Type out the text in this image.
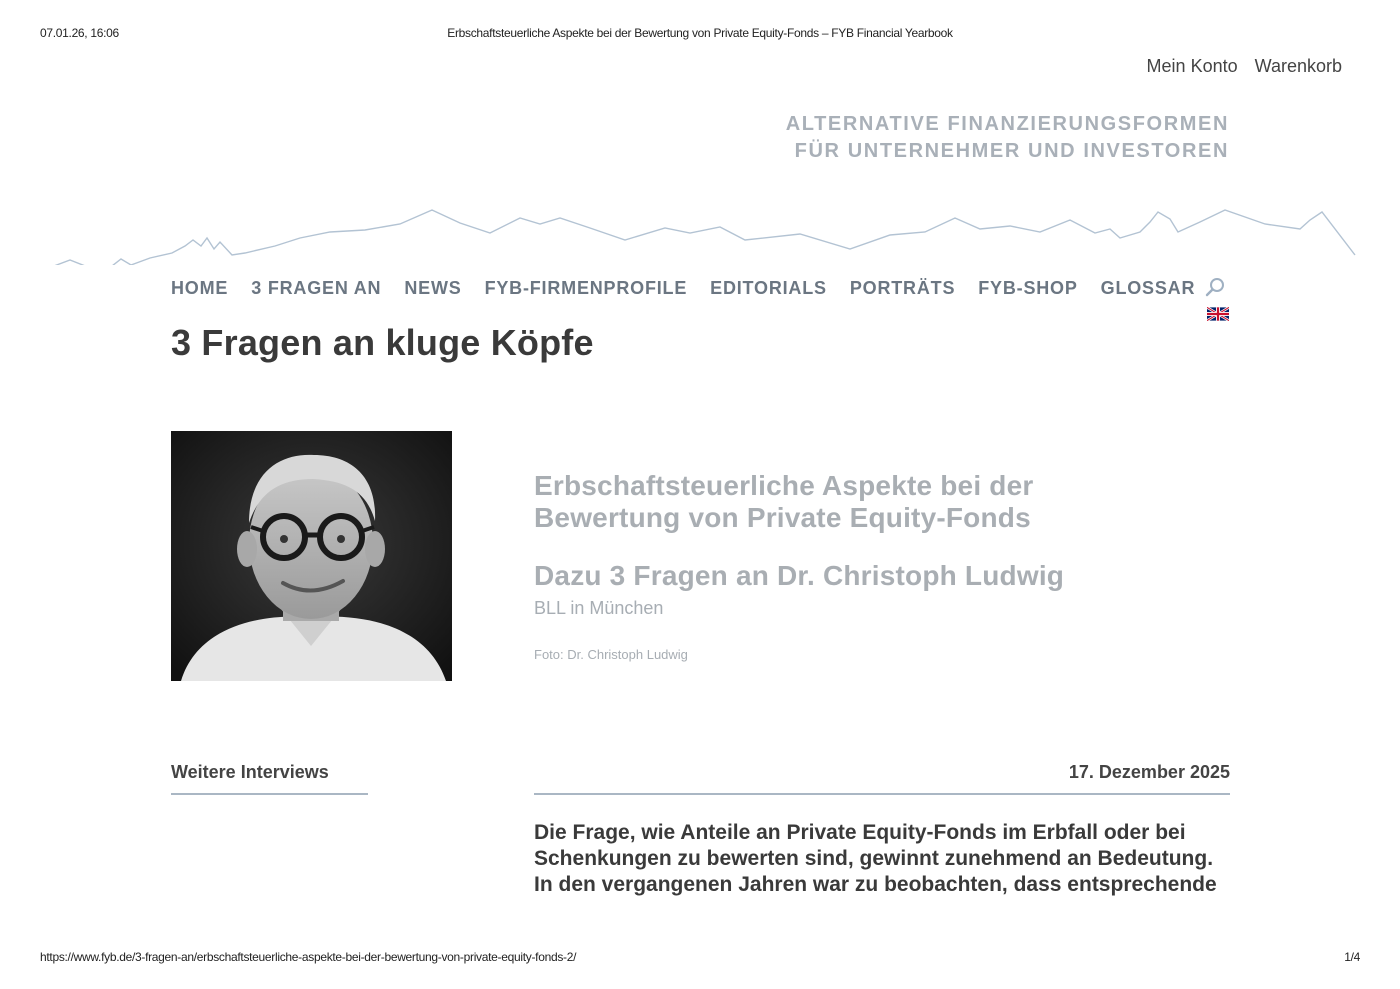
07.01.26, 16:06	Erbschaftsteuerliche Aspekte bei der Bewertung von Private Equity-Fonds – FYB Financial Yearbook
Mein Konto Warenkorb
ALTERNATIVE FINANZIERUNGSFORMEN
FÜR UNTERNEHMER UND INVESTOREN
HOME 3 FRAGEN AN NEWS FYB-FIRMENPROFILE EDITORIALS PORTRÄTS FYB-SHOP GLOSSAR
3 Fragen an kluge Köpfe
Erbschaftsteuerliche Aspekte bei der
Bewertung von Private Equity-Fonds
Dazu 3 Fragen an Dr. Christoph Ludwig
BLL in München
Foto: Dr. Christoph Ludwig
Weitere Interviews	17. Dezember 2025

Die Frage, wie Anteile an Private Equity-Fonds im Erbfall oder bei
Schenkungen zu bewerten sind, gewinnt zunehmend an Bedeutung.
In den vergangenen Jahren war zu beobachten, dass entsprechende

https://www.fyb.de/3-fragen-an/erbschaftsteuerliche-aspekte-bei-der-bewertung-von-private-equity-fonds-2/	1/4
